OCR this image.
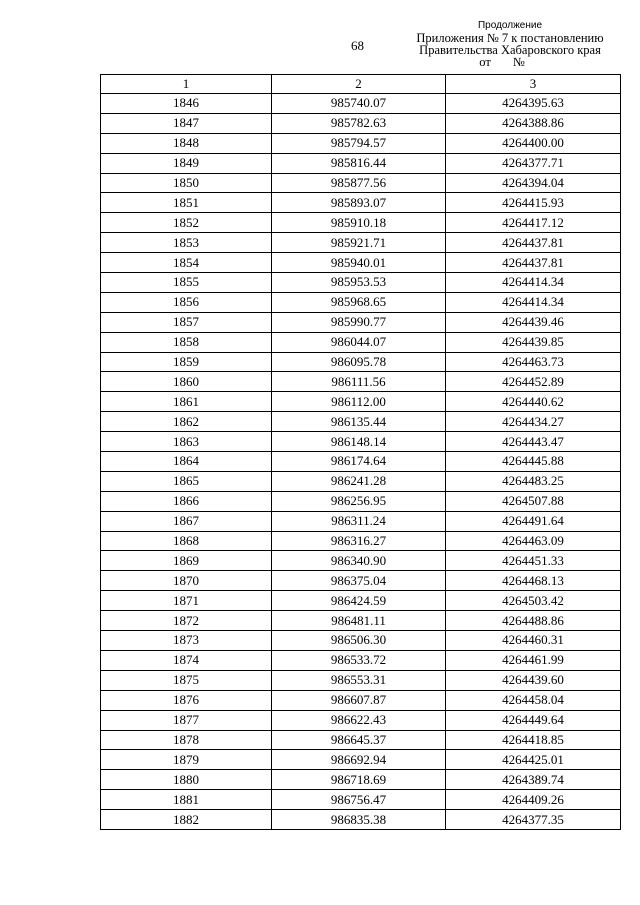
68
Продолжение
Приложения № 7 к постановлению
Правительства Хабаровского края
от №
1	2	3
1846	985740.07	4264395.63
1847	985782.63	4264388.86
1848	985794.57	4264400.00
1849	985816.44	4264377.71
1850	985877.56	4264394.04
1851	985893.07	4264415.93
1852	985910.18	4264417.12
1853	985921.71	4264437.81
1854	985940.01	4264437.81
1855	985953.53	4264414.34
1856	985968.65	4264414.34
1857	985990.77	4264439.46
1858	986044.07	4264439.85
1859	986095.78	4264463.73
1860	986111.56	4264452.89
1861	986112.00	4264440.62
1862	986135.44	4264434.27
1863	986148.14	4264443.47
1864	986174.64	4264445.88
1865	986241.28	4264483.25
1866	986256.95	4264507.88
1867	986311.24	4264491.64
1868	986316.27	4264463.09
1869	986340.90	4264451.33
1870	986375.04	4264468.13
1871	986424.59	4264503.42
1872	986481.11	4264488.86
1873	986506.30	4264460.31
1874	986533.72	4264461.99
1875	986553.31	4264439.60
1876	986607.87	4264458.04
1877	986622.43	4264449.64
1878	986645.37	4264418.85
1879	986692.94	4264425.01
1880	986718.69	4264389.74
1881	986756.47	4264409.26
1882	986835.38	4264377.35
